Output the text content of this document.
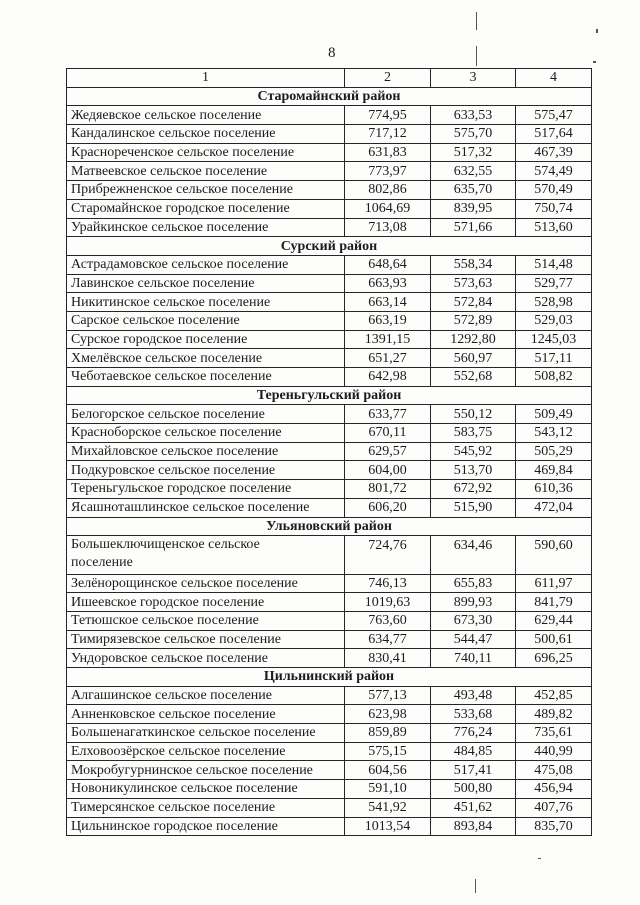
8
1	2	3	4
Старомайнский район			
Жедяевское сельское поселение	774,95	633,53	575,47
Кандалинское сельское поселение	717,12	575,70	517,64
Краснореченское сельское поселение	631,83	517,32	467,39
Матвеевское сельское поселение	773,97	632,55	574,49
Прибрежненское сельское поселение	802,86	635,70	570,49
Старомайнское городское поселение	1064,69	839,95	750,74
Урайкинское сельское поселение	713,08	571,66	513,60
Сурский район			
Астрадамовское сельское поселение	648,64	558,34	514,48
Лавинское сельское поселение	663,93	573,63	529,77
Никитинское сельское поселение	663,14	572,84	528,98
Сарское сельское поселение	663,19	572,89	529,03
Сурское городское поселение	1391,15	1292,80	1245,03
Хмелёвское сельское поселение	651,27	560,97	517,11
Чеботаевское сельское поселение	642,98	552,68	508,82
Тереньгульский район			
Белогорское сельское поселение	633,77	550,12	509,49
Красноборское сельское поселение	670,11	583,75	543,12
Михайловское сельское поселение	629,57	545,92	505,29
Подкуровское сельское поселение	604,00	513,70	469,84
Тереньгульское городское поселение	801,72	672,92	610,36
Ясашноташлинское сельское поселение	606,20	515,90	472,04
Ульяновский район			
Большеключищенское сельское поселение	724,76	634,46	590,60
Зелёнорощинское сельское поселение	746,13	655,83	611,97
Ишеевское городское поселение	1019,63	899,93	841,79
Тетюшское сельское поселение	763,60	673,30	629,44
Тимирязевское сельское поселение	634,77	544,47	500,61
Ундоровское сельское поселение	830,41	740,11	696,25
Цильнинский район			
Алгашинское сельское поселение	577,13	493,48	452,85
Анненковское сельское поселение	623,98	533,68	489,82
Большенагаткинское сельское поселение	859,89	776,24	735,61
Елховоозёрское сельское поселение	575,15	484,85	440,99
Мокробугурнинское сельское поселение	604,56	517,41	475,08
Новоникулинское сельское поселение	591,10	500,80	456,94
Тимерсянское сельское поселение	541,92	451,62	407,76
Цильнинское городское поселение	1013,54	893,84	835,70
